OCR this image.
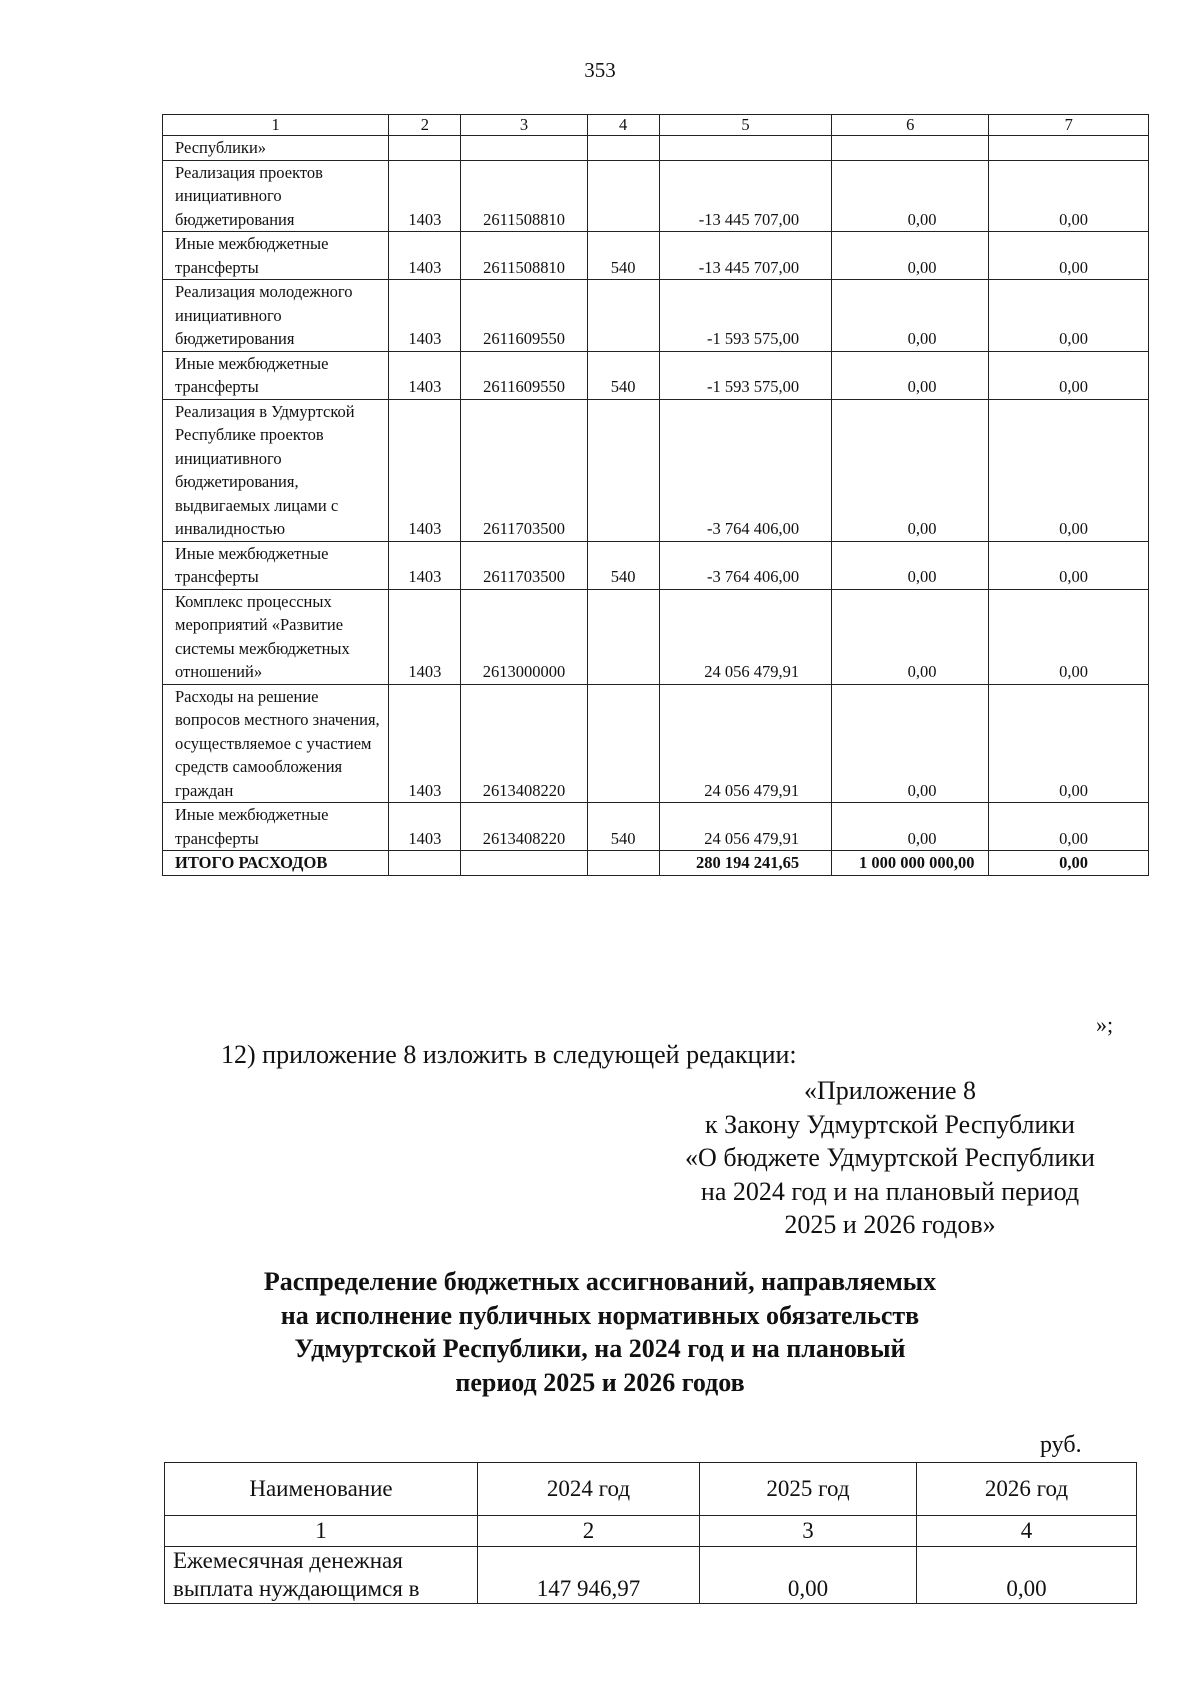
353
1	2	3	4	5	6	7
Республики»						
Реализация проектов инициативного бюджетирования	1403	2611508810		-13 445 707,00	0,00	0,00
Иные межбюджетные трансферты	1403	2611508810	540	-13 445 707,00	0,00	0,00
Реализация молодежного инициативного бюджетирования	1403	2611609550		-1 593 575,00	0,00	0,00
Иные межбюджетные трансферты	1403	2611609550	540	-1 593 575,00	0,00	0,00
Реализация в Удмуртской Республике проектов инициативного бюджетирования, выдвигаемых лицами с инвалидностью	1403	2611703500		-3 764 406,00	0,00	0,00
Иные межбюджетные трансферты	1403	2611703500	540	-3 764 406,00	0,00	0,00
Комплекс процессных мероприятий «Развитие системы межбюджетных отношений»	1403	2613000000		24 056 479,91	0,00	0,00
Расходы на решение вопросов местного значения, осуществляемое с участием средств самообложения граждан	1403	2613408220		24 056 479,91	0,00	0,00
Иные межбюджетные трансферты	1403	2613408220	540	24 056 479,91	0,00	0,00
ИТОГО РАСХОДОВ				280 194 241,65	1 000 000 000,00	0,00
»;
12) приложение 8 изложить в следующей редакции:
«Приложение 8
к Закону Удмуртской Республики
«О бюджете Удмуртской Республики
на 2024 год и на плановый период
2025 и 2026 годов»
Распределение бюджетных ассигнований, направляемых
на исполнение публичных нормативных обязательств
Удмуртской Республики, на 2024 год и на плановый
период 2025 и 2026 годов
руб.
Наименование	2024 год	2025 год	2026 год
1	2	3	4
Ежемесячная денежная выплата нуждающимся в	147 946,97	0,00	0,00
